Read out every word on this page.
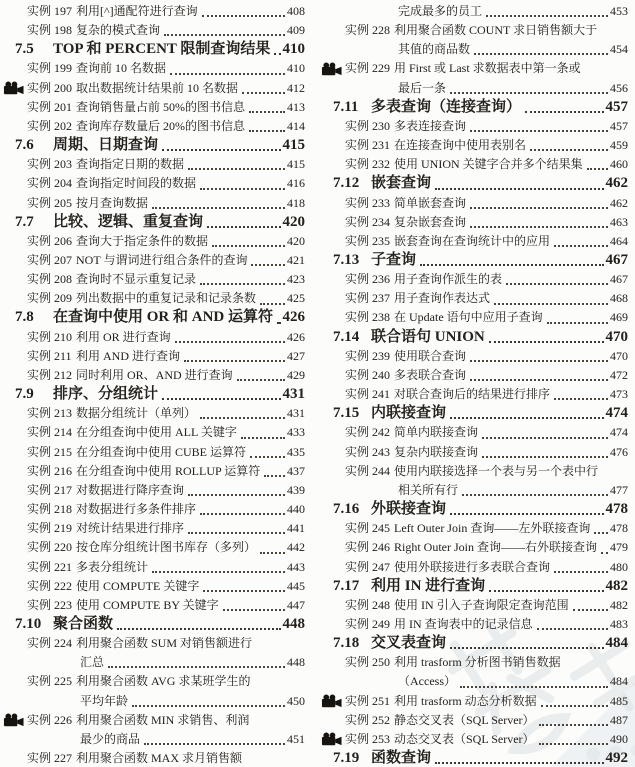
实例 197 利用[^]通配符进行查询	408
实例 198 复杂的模式查询	409
7.5	TOP 和 PERCENT 限制查询结果 410
实例 199 查询前 10 名数据	410
实例 200 取出数据统计结果前 10 名数据	412
实例 201 查询销售量占前 50%的图书信息	413
实例 202 查询库存数量后 20%的图书信息	414
7.6	周期、日期查询	415
实例 203 查询指定日期的数据	415
实例 204 查询指定时间段的数据	416
实例 205 按月查询数据	418
7.7	比较、逻辑、重复查询	420
实例 206 查询大于指定条件的数据	420
实例 207 NOT 与谓词进行组合条件的查询	421
实例 208 查询时不显示重复记录	423
实例 209 列出数据中的重复记录和记录条数	425
7.8	在查询中使用 OR 和 AND 运算符 426
实例 210 利用 OR 进行查询	426
实例 211 利用 AND 进行查询	427
实例 212 同时利用 OR、AND 进行查询	429
7.9	排序、分组统计	431
实例 213 数据分组统计（单列）	431
实例 214 在分组查询中使用 ALL 关键字	433
实例 215 在分组查询中使用 CUBE 运算符	435
实例 216 在分组查询中使用 ROLLUP 运算符 437
实例 217 对数据进行降序查询	439
实例 218 对数据进行多条件排序	440
实例 219 对统计结果进行排序	441
实例 220 按仓库分组统计图书库存（多列）	442
实例 221 多表分组统计	443
实例 222 使用 COMPUTE 关键字	445
实例 223 使用 COMPUTE BY 关键字	447
7.10 聚合函数	448
实例 224 利用聚合函数 SUM 对销售额进行
汇总	448
实例 225 利用聚合函数 AVG 求某班学生的
平均年龄	450
实例 226 利用聚合函数 MIN 求销售、利润
最少的商品	451
实例 227 利用聚合函数 MAX 求月销售额
完成最多的员工	453
实例 228 利用聚合函数 COUNT 求日销售额大于
其值的商品数	454
实例 229 用 First 或 Last 求数据表中第一条或
最后一条	456
7.11 多表查询（连接查询）	457
实例 230 多表连接查询	457
实例 231 在连接查询中使用表别名	459
实例 232 使用 UNION 关键字合并多个结果集 460
7.12 嵌套查询	462
实例 233 简单嵌套查询	462
实例 234 复杂嵌套查询	463
实例 235 嵌套查询在查询统计中的应用	464
7.13 子查询	467
实例 236 用子查询作派生的表	467
实例 237 用子查询作表达式	468
实例 238 在 Update 语句中应用子查询	469
7.14 联合语句 UNION	470
实例 239 使用联合查询	470
实例 240 多表联合查询	472
实例 241 对联合查询后的结果进行排序	473
7.15 内联接查询	474
实例 242 简单内联接查询	474
实例 243 复杂内联接查询	476
实例 244 使用内联接选择一个表与另一个表中行
相关所有行	477
7.16 外联接查询	478
实例 245 Left Outer Join 查询——左外联接查询 478
实例 246 Right Outer Join 查询——右外联接查询 479
实例 247 使用外联接进行多表联合查询	480
7.17 利用 IN 进行查询	482
实例 248 使用 IN 引入子查询限定查询范围	482
实例 249 用 IN 查询表中的记录信息	483
7.18 交叉表查询	484
实例 250 利用 trasform 分析图书销售数据
（Access）	484
实例 251 利用 trasform 动态分析数据	485
实例 252 静态交叉表（SQL Server）	487
实例 253 动态交叉表（SQL Server）	490
7.19 函数查询	492
